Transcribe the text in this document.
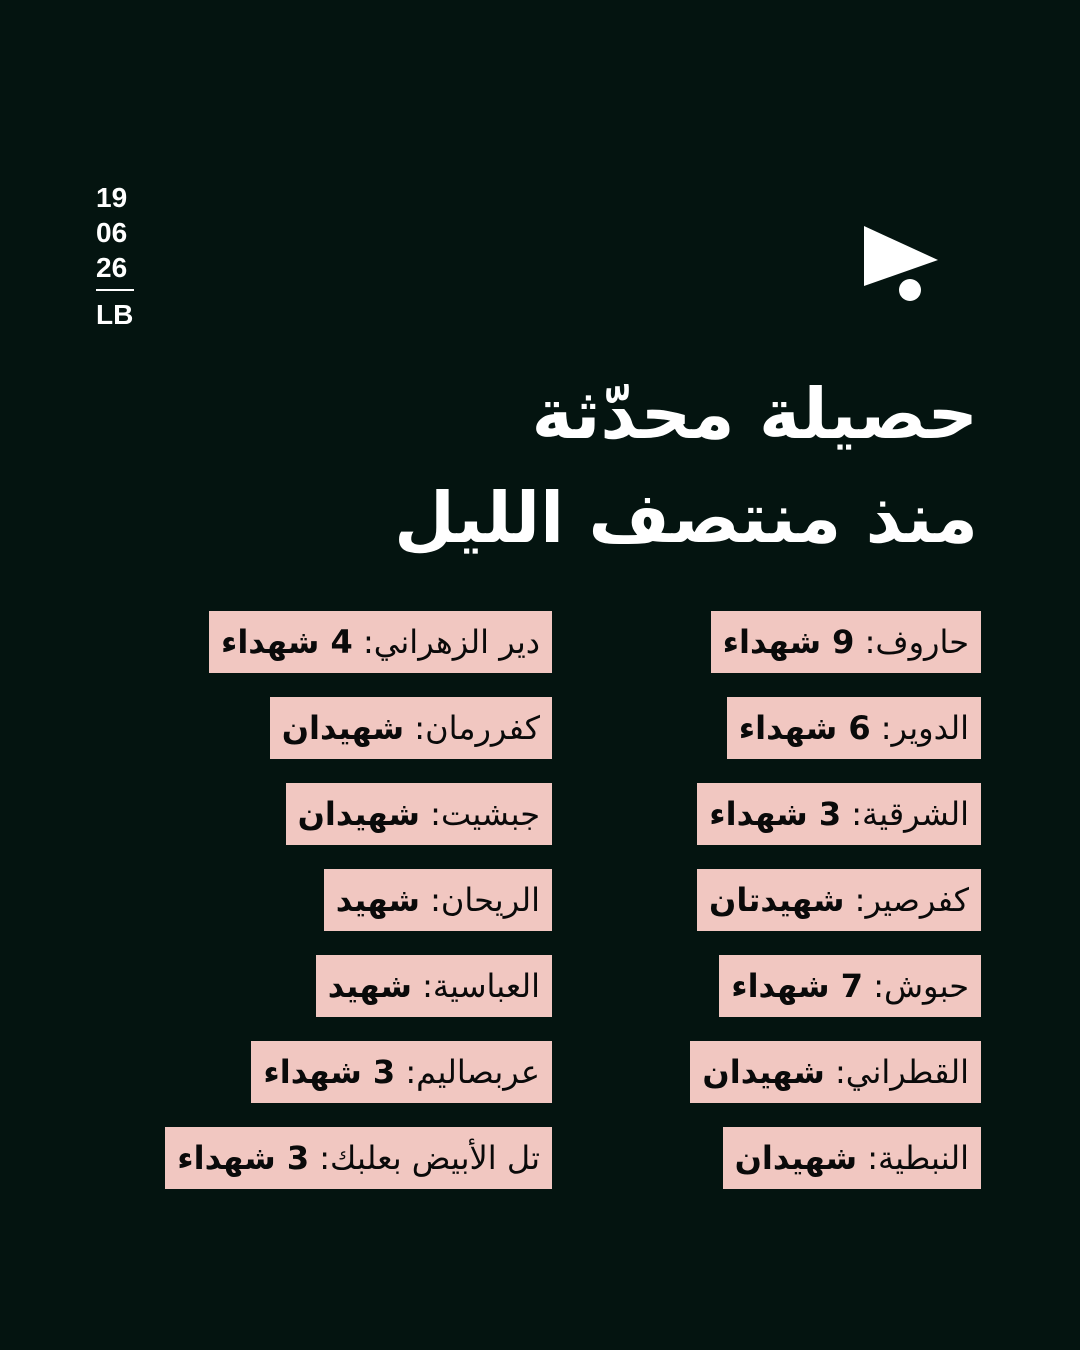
19
06
26
LB
حصيلة محدّثة
منذ منتصف الليل
حاروف: 9 شهداء
الدوير: 6 شهداء
الشرقية: 3 شهداء
كفرصير: شهيدتان
حبوش: 7 شهداء
القطراني: شهيدان
النبطية: شهيدان
دير الزهراني: 4 شهداء
كفررمان: شهيدان
جبشيت: شهيدان
الريحان: شهيد
العباسية: شهيد
عربصاليم: 3 شهداء
تل الأبيض بعلبك: 3 شهداء
